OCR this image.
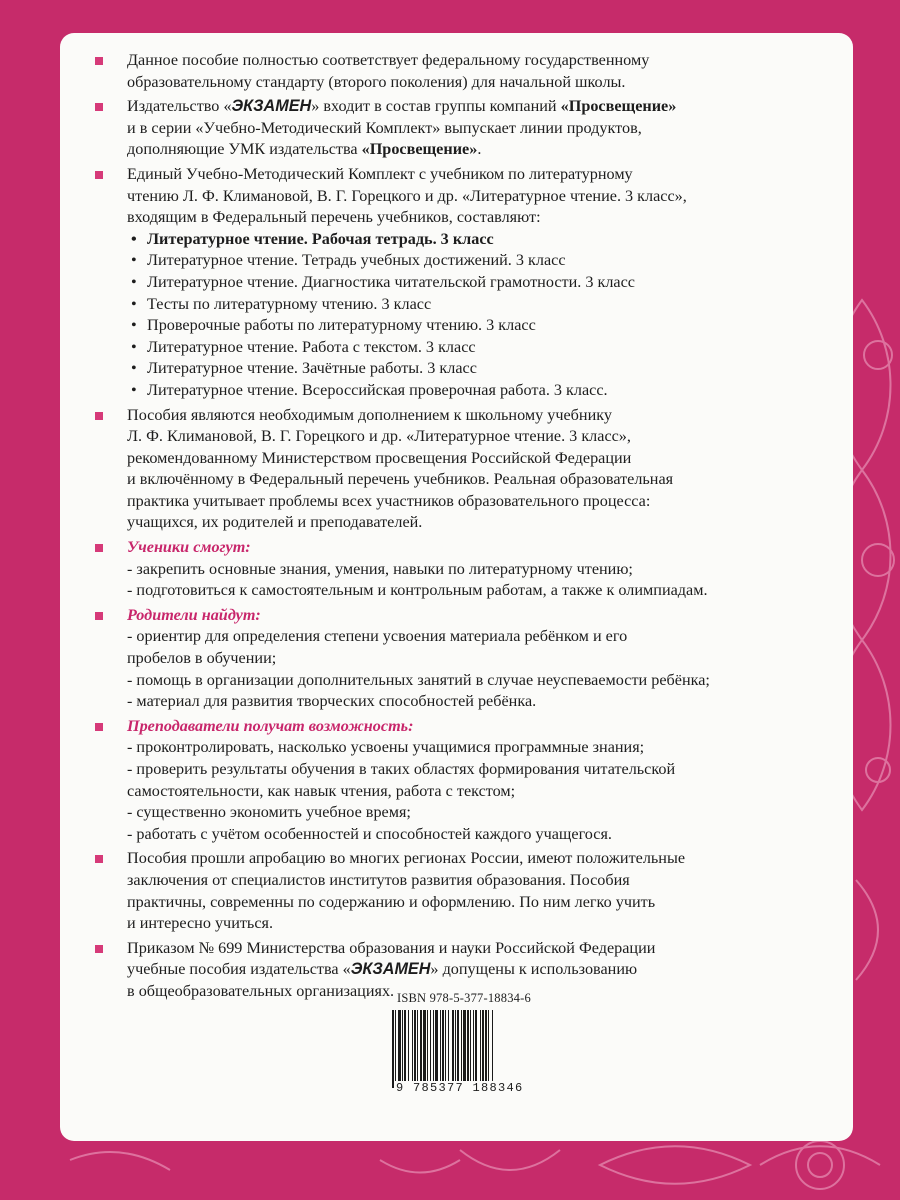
Данное пособие полностью соответствует федеральному государственному
образовательному стандарту (второго поколения) для начальной школы.
Издательство «ЭКЗАМЕН» входит в состав группы компаний «Просвещение»
и в серии «Учебно-Методический Комплект» выпускает линии продуктов,
дополняющие УМК издательства «Просвещение».
Единый Учебно-Методический Комплект с учебником по литературному
чтению Л. Ф. Климановой, В. Г. Горецкого и др. «Литературное чтение. 3 класс»,
входящим в Федеральный перечень учебников, составляют:
• Литературное чтение. Рабочая тетрадь. 3 класс
• Литературное чтение. Тетрадь учебных достижений. 3 класс
• Литературное чтение. Диагностика читательской грамотности. 3 класс
• Тесты по литературному чтению. 3 класс
• Проверочные работы по литературному чтению. 3 класс
• Литературное чтение. Работа с текстом. 3 класс
• Литературное чтение. Зачётные работы. 3 класс
• Литературное чтение. Всероссийская проверочная работа. 3 класс.
Пособия являются необходимым дополнением к школьному учебнику
Л. Ф. Климановой, В. Г. Горецкого и др. «Литературное чтение. 3 класс»,
рекомендованному Министерством просвещения Российской Федерации
и включённому в Федеральный перечень учебников. Реальная образовательная
практика учитывает проблемы всех участников образовательного процесса:
учащихся, их родителей и преподавателей.
Ученики смогут:
- закрепить основные знания, умения, навыки по литературному чтению;
- подготовиться к самостоятельным и контрольным работам, а также к олимпиадам.
Родители найдут:
- ориентир для определения степени усвоения материала ребёнком и его
пробелов в обучении;
- помощь в организации дополнительных занятий в случае неуспеваемости ребёнка;
- материал для развития творческих способностей ребёнка.
Преподаватели получат возможность:
- проконтролировать, насколько усвоены учащимися программные знания;
- проверить результаты обучения в таких областях формирования читательской
самостоятельности, как навык чтения, работа с текстом;
- существенно экономить учебное время;
- работать с учётом особенностей и способностей каждого учащегося.
Пособия прошли апробацию во многих регионах России, имеют положительные
заключения от специалистов институтов развития образования. Пособия
практичны, современны по содержанию и оформлению. По ним легко учить
и интересно учиться.
Приказом № 699 Министерства образования и науки Российской Федерации
учебные пособия издательства «ЭКЗАМЕН» допущены к использованию
в общеобразовательных организациях. ISBN 978-5-377-18834-6
9 785377 188346
